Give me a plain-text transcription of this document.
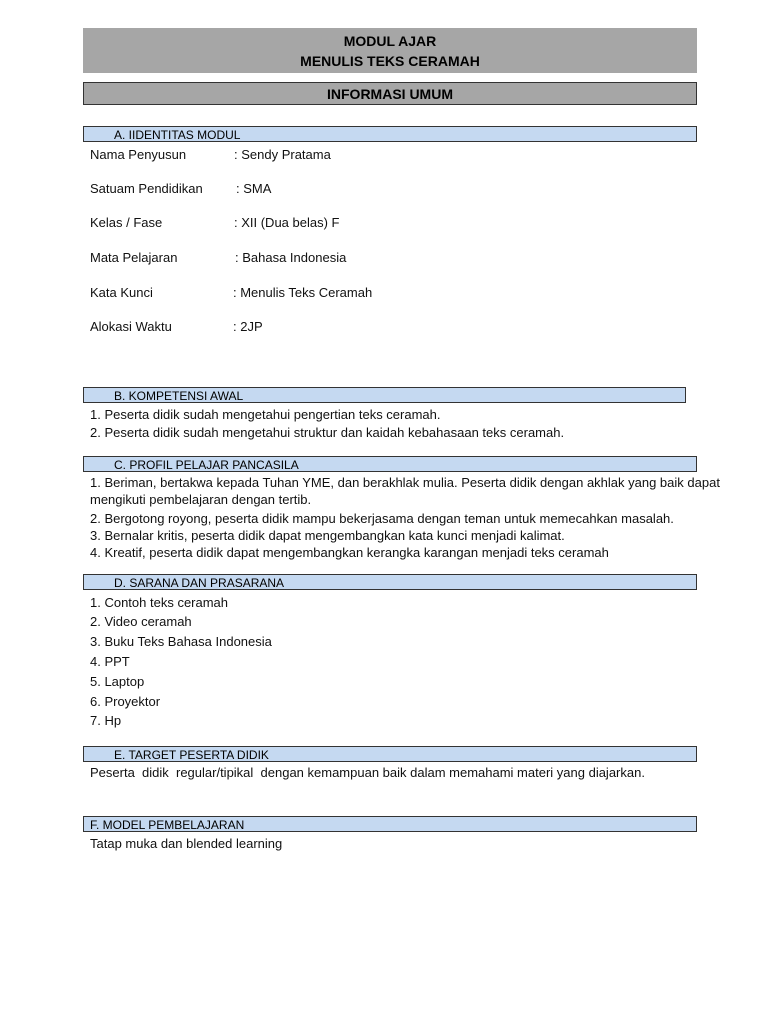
MODUL AJAR
MENULIS TEKS CERAMAH
INFORMASI UMUM
A. IIDENTITAS MODUL
Nama Penyusun	: Sendy Pratama
Satuam Pendidikan	: SMA
Kelas / Fase	: XII (Dua belas) F
Mata Pelajaran	: Bahasa Indonesia
Kata Kunci	: Menulis Teks Ceramah
Alokasi Waktu	: 2JP
B. KOMPETENSI AWAL
1. Peserta didik sudah mengetahui pengertian teks ceramah.
2. Peserta didik sudah mengetahui struktur dan kaidah kebahasaan teks ceramah.
C. PROFIL PELAJAR PANCASILA
1. Beriman, bertakwa kepada Tuhan YME, dan berakhlak mulia. Peserta didik dengan akhlak yang baik dapat mengikuti pembelajaran dengan tertib.
2. Bergotong royong, peserta didik mampu bekerjasama dengan teman untuk memecahkan masalah.
3. Bernalar kritis, peserta didik dapat mengembangkan kata kunci menjadi kalimat.
4. Kreatif, peserta didik dapat mengembangkan kerangka karangan menjadi teks ceramah
D. SARANA DAN PRASARANA
1. Contoh teks ceramah
2. Video ceramah
3. Buku Teks Bahasa Indonesia
4. PPT
5. Laptop
6. Proyektor
7. Hp
E. TARGET PESERTA DIDIK
Peserta  didik  regular/tipikal  dengan kemampuan baik dalam memahami materi yang diajarkan.
F. MODEL PEMBELAJARAN
Tatap muka dan blended learning
